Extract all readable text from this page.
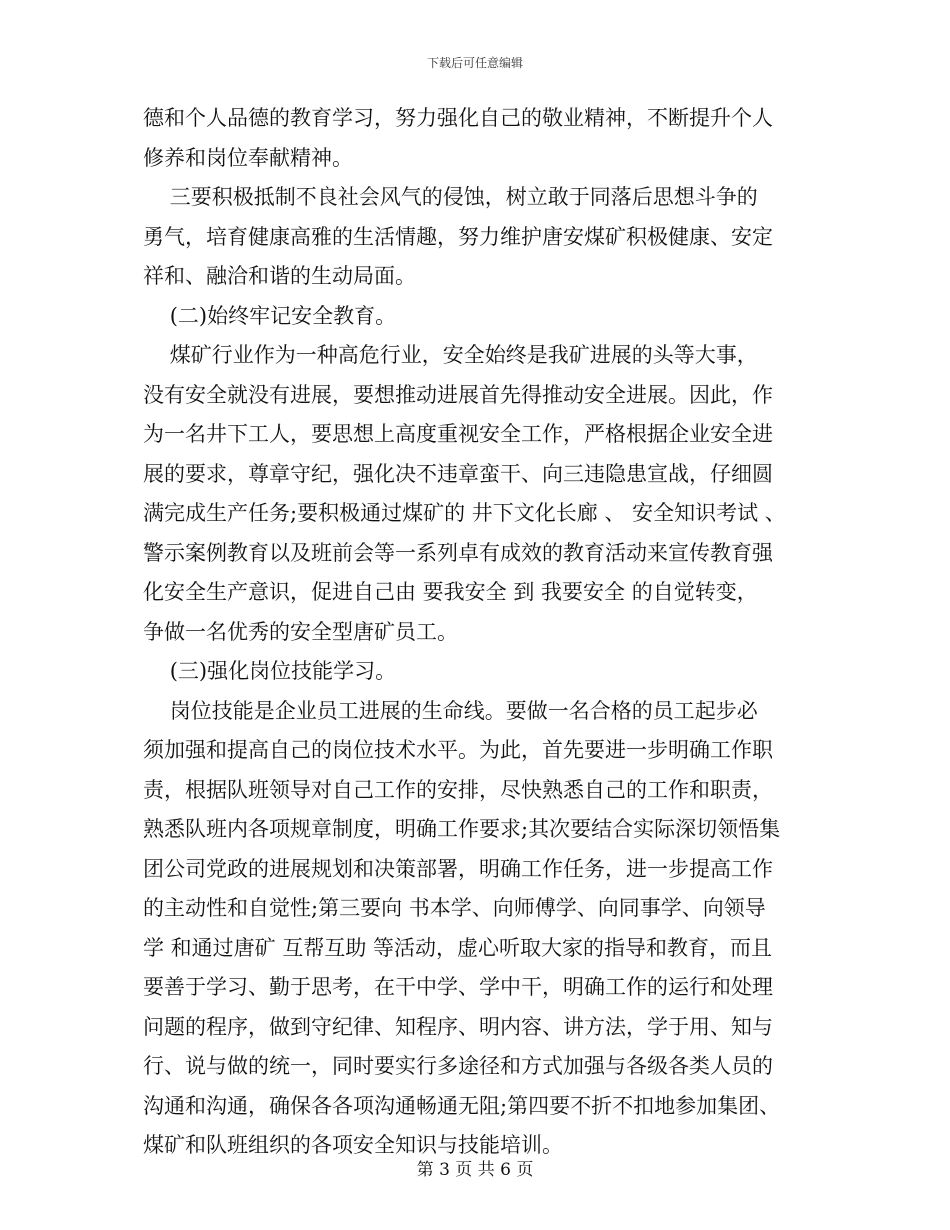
下载后可任意编辑
德和个人品德的教育学习，努力强化自己的敬业精神，不断提升个人
修养和岗位奉献精神。
三要积极抵制不良社会风气的侵蚀，树立敢于同落后思想斗争的
勇气，培育健康高雅的生活情趣，努力维护唐安煤矿积极健康、安定
祥和、融洽和谐的生动局面。
(二)始终牢记安全教育。
煤矿行业作为一种高危行业，安全始终是我矿进展的头等大事，
没有安全就没有进展，要想推动进展首先得推动安全进展。因此，作
为一名井下工人，要思想上高度重视安全工作，严格根据企业安全进
展的要求，尊章守纪，强化决不违章蛮干、向三违隐患宣战，仔细圆
满完成生产任务;要积极通过煤矿的 井下文化长廊 、 安全知识考试 、
警示案例教育以及班前会等一系列卓有成效的教育活动来宣传教育强
化安全生产意识，促进自己由 要我安全 到 我要安全 的自觉转变，
争做一名优秀的安全型唐矿员工。
(三)强化岗位技能学习。
岗位技能是企业员工进展的生命线。要做一名合格的员工起步必
须加强和提高自己的岗位技术水平。为此，首先要进一步明确工作职
责，根据队班领导对自己工作的安排，尽快熟悉自己的工作和职责，
熟悉队班内各项规章制度，明确工作要求;其次要结合实际深切领悟集
团公司党政的进展规划和决策部署，明确工作任务，进一步提高工作
的主动性和自觉性;第三要向 书本学、向师傅学、向同事学、向领导
学 和通过唐矿 互帮互助 等活动，虚心听取大家的指导和教育，而且
要善于学习、勤于思考，在干中学、学中干，明确工作的运行和处理
问题的程序，做到守纪律、知程序、明内容、讲方法，学于用、知与
行、说与做的统一，同时要实行多途径和方式加强与各级各类人员的
沟通和沟通，确保各各项沟通畅通无阻;第四要不折不扣地参加集团、
煤矿和队班组织的各项安全知识与技能培训。
第 3 页 共 6 页
